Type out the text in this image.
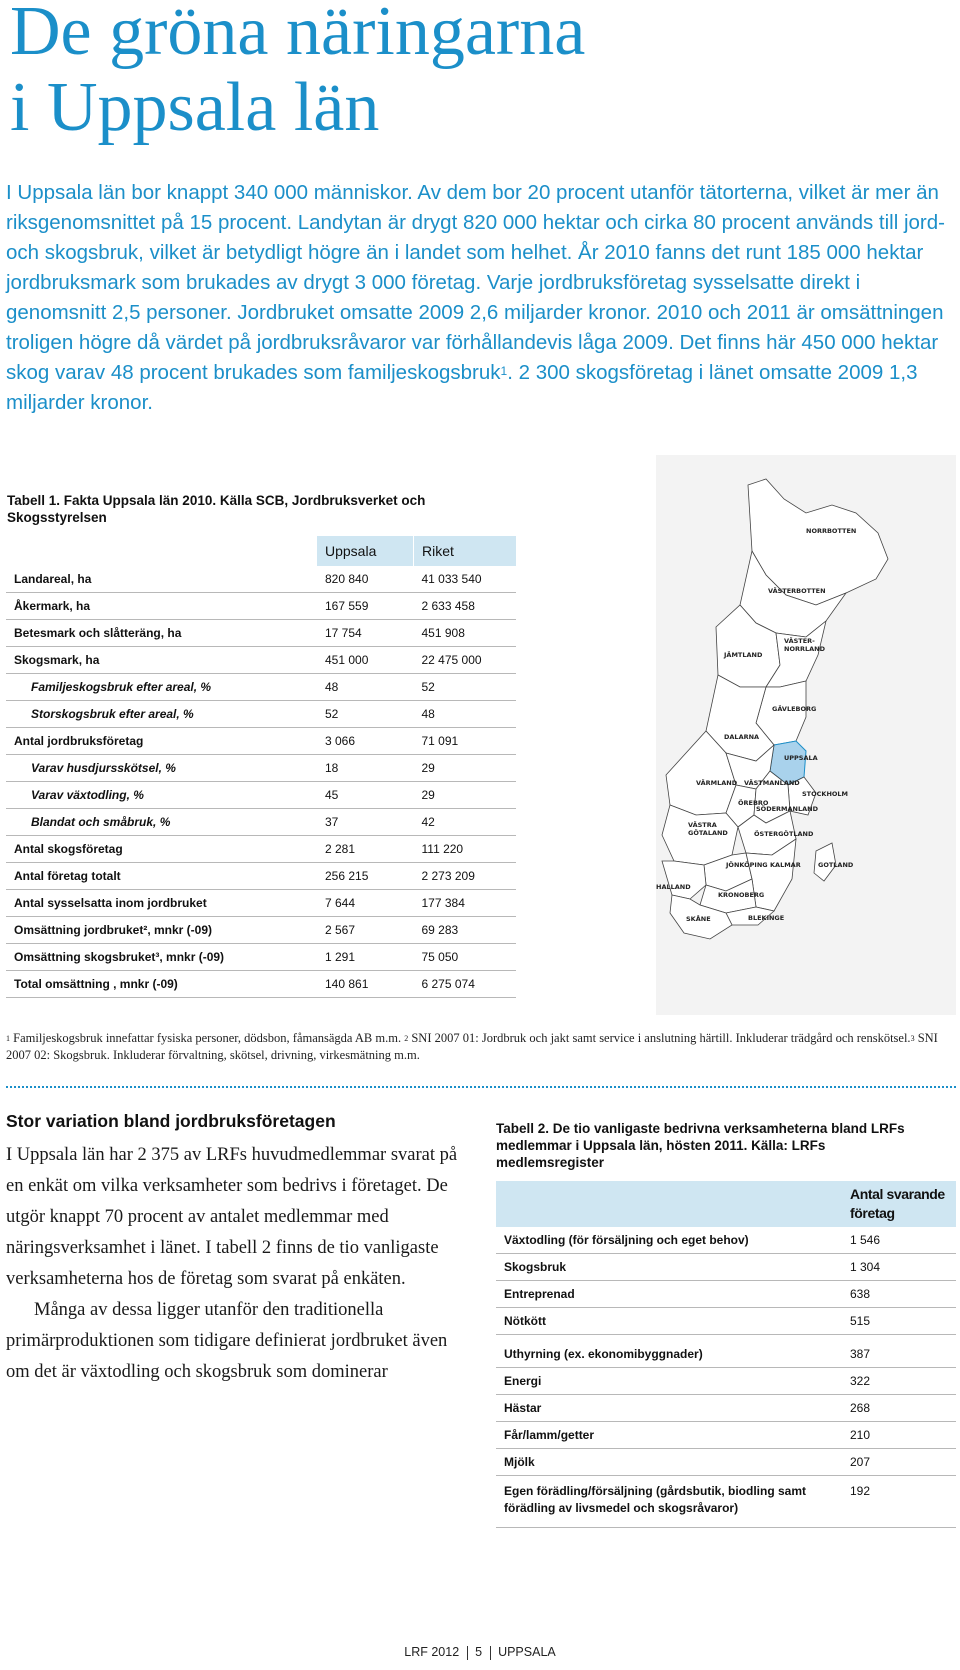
De gröna näringarna
i Uppsala län
I Uppsala län bor knappt 340 000 människor. Av dem bor 20 procent utanför tätorterna, vilket är mer än riksgenomsnittet på 15 procent. Landytan är drygt 820 000 hektar och cirka 80 procent används till jord- och skogsbruk, vilket är betydligt högre än i landet som helhet. År 2010 fanns det runt 185 000 hektar jordbruksmark som brukades av drygt 3 000 företag. Varje jordbruksföretag sysselsatte direkt i genomsnitt 2,5 personer. Jordbruket omsatte 2009 2,6 miljarder kronor. 2010 och 2011 är omsättningen troligen högre då värdet på jordbruksråvaror var förhållandevis låga 2009. Det finns här 450 000 hektar skog varav 48 procent brukades som familjeskogsbruk$^1$. 2 300 skogsföretag i länet omsatte 2009 1,3 miljarder kronor.
Tabell 1. Fakta Uppsala län 2010. Källa SCB, Jordbruksverket och Skogsstyrelsen
	Uppsala	Riket
Landareal, ha	820 840	41 033 540
Åkermark, ha	167 559	2 633 458
Betesmark och slåtteräng, ha	17 754	451 908
Skogsmark, ha	451 000	22 475 000
Familjeskogsbruk efter areal, %	48	52
Storskogsbruk efter areal, %	52	48
Antal jordbruksföretag	3 066	71 091
Varav husdjursskötsel, %	18	29
Varav växtodling, %	45	29
Blandat och småbruk, %	37	42
Antal skogsföretag	2 281	111 220
Antal företag totalt	256 215	2 273 209
Antal sysselsatta inom jordbruket	7 644	177 384
Omsättning jordbruket², mnkr (-09)	2 567	69 283
Omsättning skogsbruket³, mnkr (-09)	1 291	75 050
Total omsättning , mnkr (-09)	140 861	6 275 074
NORRBOTTEN
VÄSTERBOTTEN
JÄMTLAND
VÄSTER-
NORRLAND
GÄVLEBORG
DALARNA
UPPSALA
VÄRMLAND VÄSTMANLAND
STOCKHOLM
ÖREBRO
SÖDERMANLAND
VÄSTRA
GÖTALAND	ÖSTERGÖTLAND
JÖNKÖPING KALMAR	GOTLAND
HALLAND
KRONOBERG
SKÅNE	BLEKINGE
$^1$ Familjeskogsbruk innefattar fysiska personer, dödsbon, fåmansägda AB m.m. $^2$ SNI 2007 01: Jordbruk och jakt samt service i anslutning härtill. Inkluderar trädgård och renskötsel.$^3$ SNI 2007 02: Skogsbruk. Inkluderar förvaltning, skötsel, drivning, virkesmätning m.m.
Stor variation bland jordbruksföretagen

I Uppsala län har 2 375 av LRFs huvudmedlemmar svarat på en enkät om vilka verksamheter som bedrivs i företaget. De utgör knappt 70 procent av antalet medlemmar med näringsverksamhet i länet. I tabell 2 finns de tio vanligaste verksamheterna hos de företag som svarat på enkäten.

Många av dessa ligger utanför den traditionella primärproduktionen som tidigare definierat jordbruket även om det är växtodling och skogsbruk som dominerar

Tabell 2. De tio vanligaste bedrivna verksamheterna bland LRFs medlemmar i Uppsala län, hösten 2011. Källa: LRFs medlemsregister
	Antal svarande företag
Växtodling (för försäljning och eget behov)	1 546
Skogsbruk	1 304
Entreprenad	638
Nötkött	515

Uthyrning (ex. ekonomibyggnader)	387
Energi	322
Hästar	268
Får/lamm/getter	210
Mjölk	207
Egen förädling/försäljning (gårdsbutik, biodling samt förädling av livsmedel och skogsråvaror)	192
LRF 2012 5 UPPSALA
